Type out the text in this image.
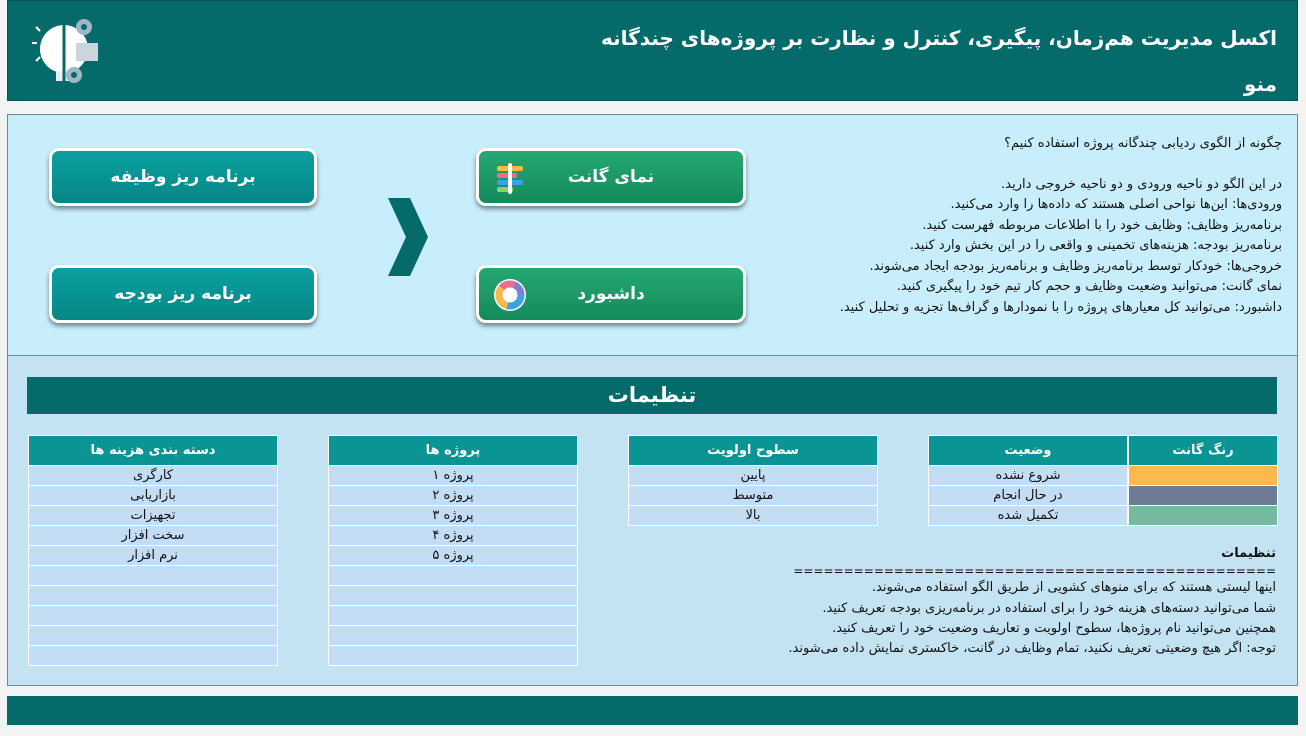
اکسل مدیریت هم‌زمان، پیگیری، کنترل و نظارت بر پروژه‌های چندگانه
منو
برنامه ریز وظیفه
برنامه ریز بودجه
نمای گانت
داشبورد

چگونه از الگوی ردیابی چندگانه پروژه استفاده کنیم؟

در این الگو دو ناحیه ورودی و دو ناحیه خروجی دارید.

ورودی‌ها: این‌ها نواحی اصلی هستند که داده‌ها را وارد می‌کنید.

برنامه‌ریز وظایف: وظایف خود را با اطلاعات مربوطه فهرست کنید.

برنامه‌ریز بودجه: هزینه‌های تخمینی و واقعی را در این بخش وارد کنید.

خروجی‌ها: خودکار توسط برنامه‌ریز وظایف و برنامه‌ریز بودجه ایجاد می‌شوند.

نمای گانت: می‌توانید وضعیت وظایف و حجم کار تیم خود را پیگیری کنید.

داشبورد: می‌توانید کل معیارهای پروژه را با نمودارها و گراف‌ها تجزیه و تحلیل کنید.

تنظیمات
رنگ گانت

وضعیت
شروع نشده
در حال انجام
تکمیل شده
سطوح اولویت
پایین
متوسط
بالا
پروژه ها
پروژه ۱
پروژه ۲
پروژه ۳
پروژه ۴
پروژه ۵

دسته بندی هزینه ها
کارگری
بازاریابی
تجهیزات
سخت افزار
نرم افزار	تنظیمات

================================================

اینها لیستی هستند که برای منوهای کشویی از طریق الگو استفاده می‌شوند.

شما می‌توانید دسته‌های هزینه خود را برای استفاده در برنامه‌ریزی بودجه تعریف کنید.

همچنین می‌توانید نام پروژه‌ها، سطوح اولویت و تعاریف وضعیت خود را تعریف کنید.

توجه: اگر هیچ وضعیتی تعریف نکنید، تمام وظایف در گانت، خاکستری نمایش داده می‌شوند.
